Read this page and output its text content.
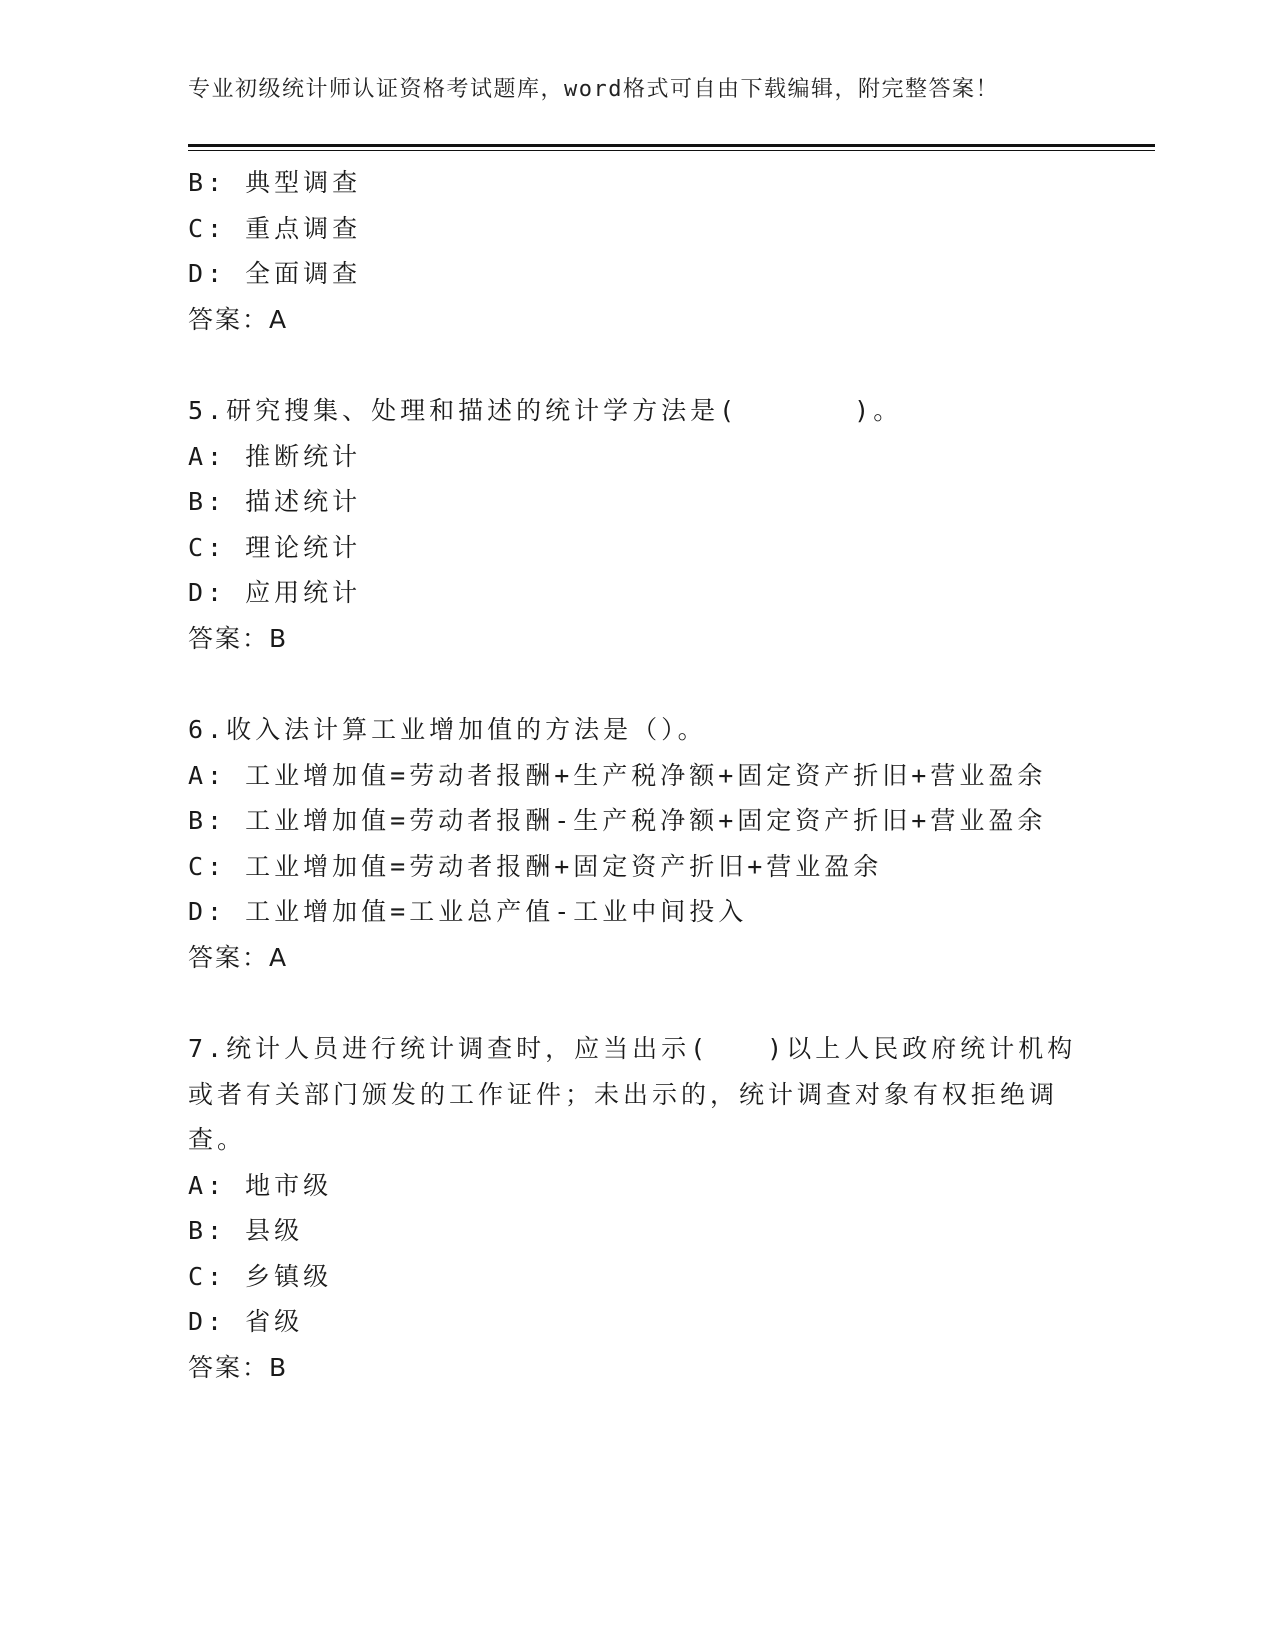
专业初级统计师认证资格考试题库，word格式可自由下载编辑，附完整答案！
B: 典型调查
C: 重点调查
D: 全面调查
答案：A
5.研究搜集、处理和描述的统计学方法是(　　　　)。
A: 推断统计
B: 描述统计
C: 理论统计
D: 应用统计
答案：B
6.收入法计算工业增加值的方法是（）。
A: 工业增加值=劳动者报酬+生产税净额+固定资产折旧+营业盈余
B: 工业增加值=劳动者报酬-生产税净额+固定资产折旧+营业盈余
C: 工业增加值=劳动者报酬+固定资产折旧+营业盈余
D: 工业增加值=工业总产值-工业中间投入
答案：A
7.统计人员进行统计调查时，应当出示(　　)以上人民政府统计机构
或者有关部门颁发的工作证件；未出示的，统计调查对象有权拒绝调
查。
A: 地市级
B: 县级
C: 乡镇级
D: 省级
答案：B
